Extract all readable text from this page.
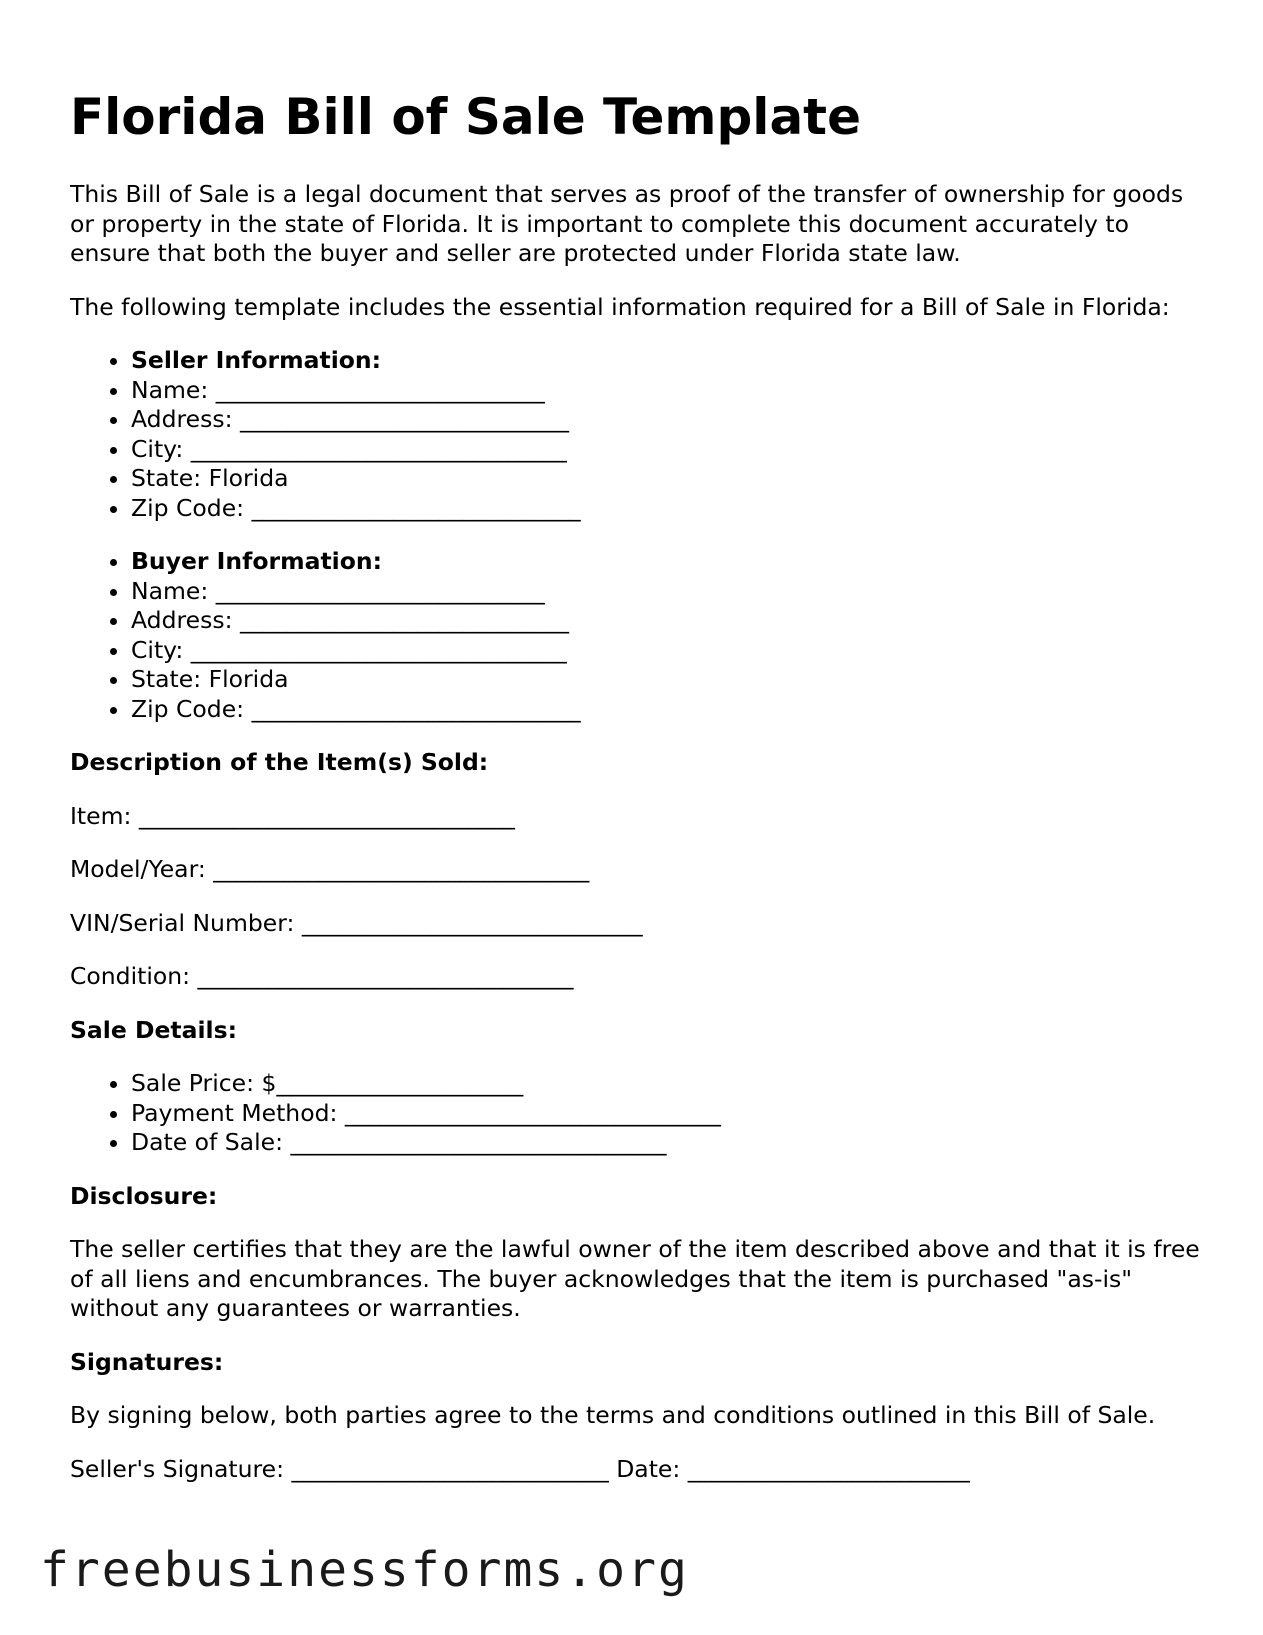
Florida Bill of Sale Template

This Bill of Sale is a legal document that serves as proof of the transfer of ownership for goods or property in the state of Florida. It is important to complete this document accurately to ensure that both the buyer and seller are protected under Florida state law.

The following template includes the essential information required for a Bill of Sale in Florida:

• Seller Information:
• Name: ____________________________
• Address: ____________________________
• City: ________________________________
• State: Florida
• Zip Code: ____________________________
• Buyer Information:
• Name: ____________________________
• Address: ____________________________
• City: ________________________________
• State: Florida
• Zip Code: ____________________________

Description of the Item(s) Sold:

Item: ________________________________

Model/Year: ________________________________

VIN/Serial Number: _____________________________

Condition: ________________________________

Sale Details:

• Sale Price: $_____________________
• Payment Method: ________________________________
• Date of Sale: ________________________________

Disclosure:

The seller certifies that they are the lawful owner of the item described above and that it is free of all liens and encumbrances. The buyer acknowledges that the item is purchased "as-is" without any guarantees or warranties.

Signatures:

By signing below, both parties agree to the terms and conditions outlined in this Bill of Sale.

Seller's Signature: ___________________________ Date: ________________________

freebusinessforms.org
